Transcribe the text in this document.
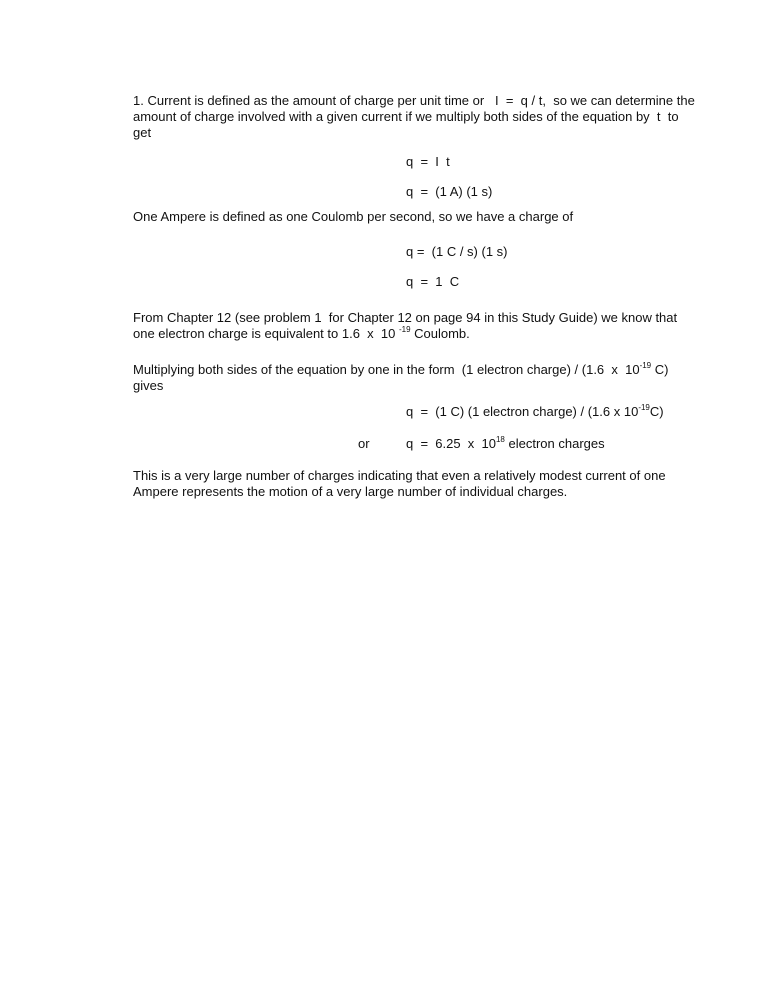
1. Current is defined as the amount of charge per unit time or   I  =  q / t,  so we can determine the
amount of charge involved with a given current if we multiply both sides of the equation by  t  to
get
q  =  I  t
q  =  (1 A) (1 s)
One Ampere is defined as one Coulomb per second, so we have a charge of
q =  (1 C / s) (1 s)
q  =  1  C
From Chapter 12 (see problem 1  for Chapter 12 on page 94 in this Study Guide) we know that
one electron charge is equivalent to 1.6  x  10 $^{-19}$ Coulomb.
Multiplying both sides of the equation by one in the form  (1 electron charge) / (1.6  x  $10^{-19}$ C)
gives
q  =  (1 C) (1 electron charge) / (1.6 x $10^{-19}C$)
or	q  =  6.25  x  $10^{18}$ electron charges
This is a very large number of charges indicating that even a relatively modest current of one
Ampere represents the motion of a very large number of individual charges.
